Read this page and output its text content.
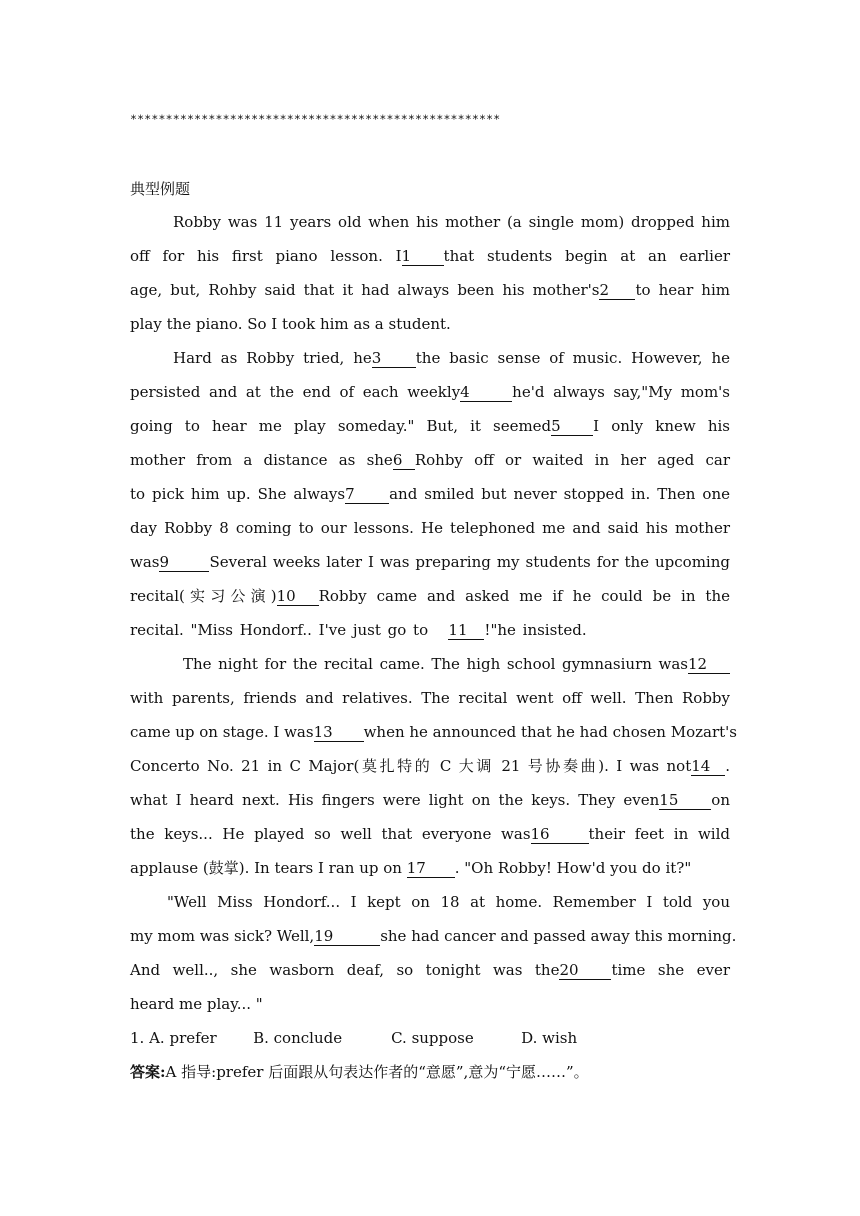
****************************************************
典型例题
Robby was 11 years old when his mother (a single mom) dropped him
off for his first piano lesson. I1 that students begin at an earlier
age, but, Rohby said that it had always been his mother's2 to hear him
play the piano. So I took him as a student.
Hard as Robby tried, he3 the basic sense of music. However, he
persisted and at the end of each weekly4	he'd always say,"My mom's
going to hear me play someday." But, it seemed5 I only knew his
mother from a distance as she6 Rohby off or waited in her aged car
to pick him up. She always7 and smiled but never stopped in. Then one
day Robby 8 coming to our lessons. He telephoned me and said his mother
was9	Several weeks later I was preparing my students for the upcoming
recital(实习公演)10 Robby came and asked me if he could be in the
recital. "Miss Hondorf.. I've just go to 11 !"he insisted.
The night for the recital came. The high school gymnasiurn was12
with parents, friends and relatives. The recital went off well. Then Robby
came up on stage. I was13 when he announced that he had chosen Mozart's
Concerto No. 21 in C Major(莫扎特的 C 大调 21 号协奏曲). I was not14 .
what I heard next. His fingers were light on the keys. They even15 on
the keys... He played so well that everyone was16	their feet in wild
applause (鼓掌). In tears I ran up on 17 . "Oh Robby! How'd you do it?"
"Well Miss Hondorf... I kept on 18 at home. Remember I told you
my mom was sick? Well,19	she had cancer and passed away this morning.
And well.., she wasborn deaf, so tonight was the20 time she ever
heard me play... "
1. A. prefer B. conclude	C. suppose	D. wish
答案:A 指导:prefer 后面跟从句表达作者的“意愿”,意为“宁愿……”。
